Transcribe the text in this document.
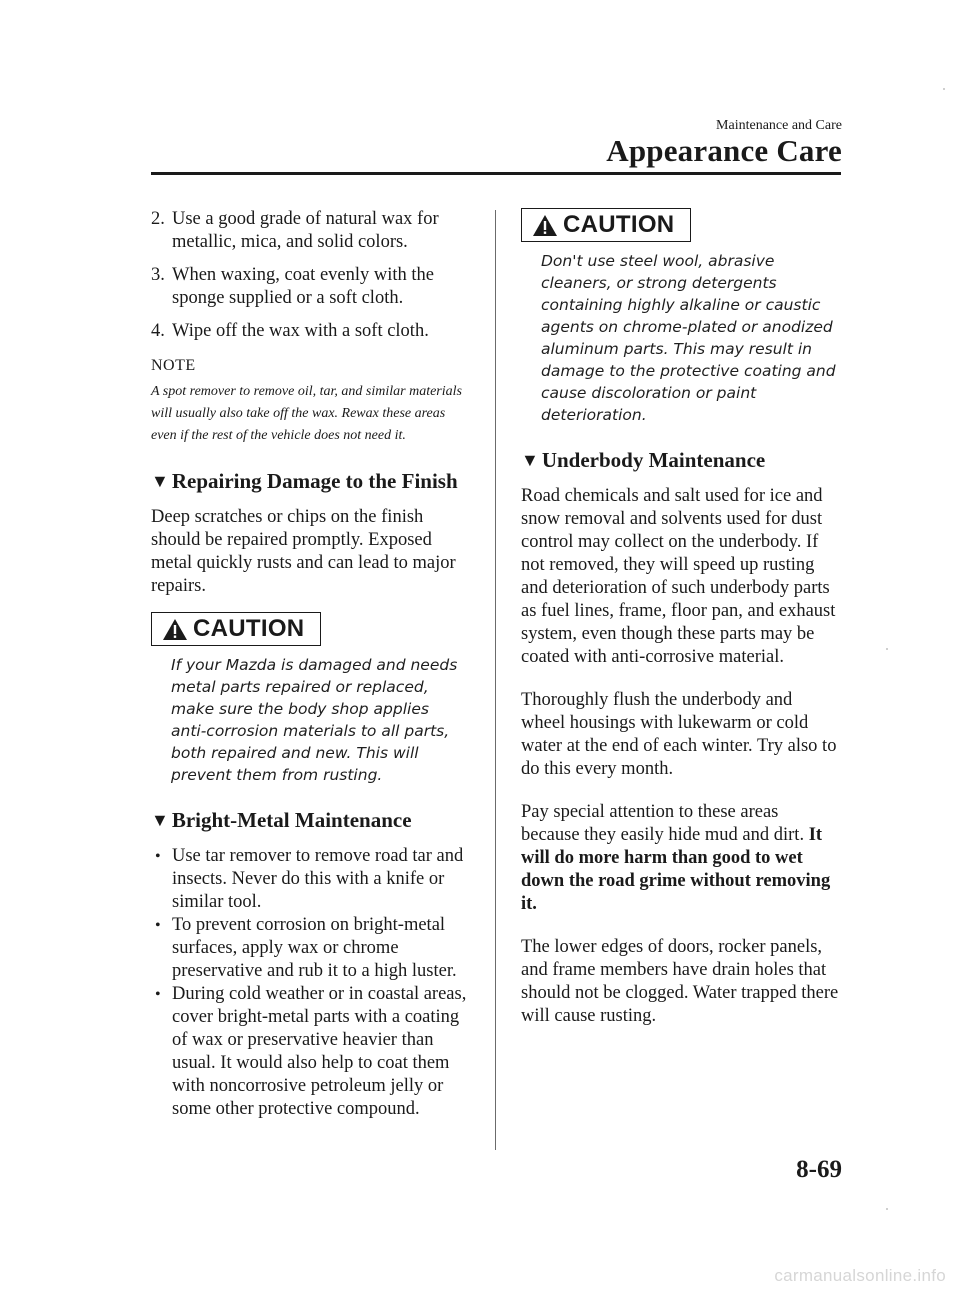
Maintenance and Care
Appearance Care
2. Use a good grade of natural wax for metallic, mica, and solid colors.
3. When waxing, coat evenly with the sponge supplied or a soft cloth.
4. Wipe off the wax with a soft cloth.
NOTE

A spot remover to remove oil, tar, and similar materials will usually also take off the wax. Rewax these areas even if the rest of the vehicle does not need it.

▼ Repairing Damage to the Finish

Deep scratches or chips on the finish should be repaired promptly. Exposed metal quickly rusts and can lead to major repairs.

CAUTION

If your Mazda is damaged and needs metal parts repaired or replaced, make sure the body shop applies anti-corrosion materials to all parts, both repaired and new. This will prevent them from rusting.

▼ Bright-Metal Maintenance
• Use tar remover to remove road tar and insects. Never do this with a knife or similar tool.
• To prevent corrosion on bright-metal surfaces, apply wax or chrome preservative and rub it to a high luster.
• During cold weather or in coastal areas, cover bright-metal parts with a coating of wax or preservative heavier than usual. It would also help to coat them with noncorrosive petroleum jelly or some other protective compound.
CAUTION

Don't use steel wool, abrasive cleaners, or strong detergents containing highly alkaline or caustic agents on chrome-plated or anodized aluminum parts. This may result in damage to the protective coating and cause discoloration or paint deterioration.

▼ Underbody Maintenance

Road chemicals and salt used for ice and snow removal and solvents used for dust control may collect on the underbody. If not removed, they will speed up rusting and deterioration of such underbody parts as fuel lines, frame, floor pan, and exhaust system, even though these parts may be coated with anti-corrosive material.

Thoroughly flush the underbody and wheel housings with lukewarm or cold water at the end of each winter. Try also to do this every month.

Pay special attention to these areas because they easily hide mud and dirt. It will do more harm than good to wet down the road grime without removing it.

The lower edges of doors, rocker panels, and frame members have drain holes that should not be clogged. Water trapped there will cause rusting.

8-69
carmanualsonline.info
